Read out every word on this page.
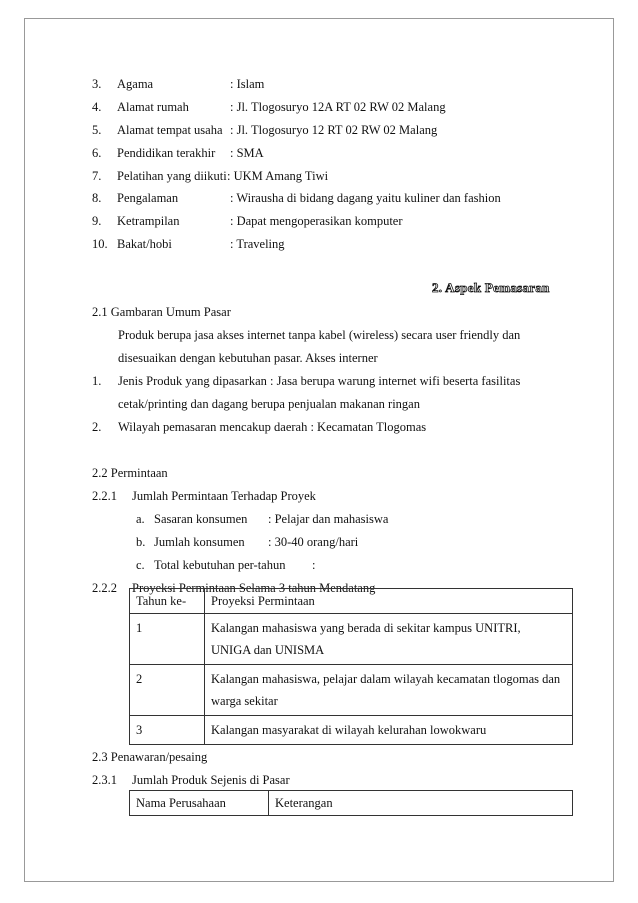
3. Agama	: Islam
4. Alamat rumah	: Jl. Tlogosuryo 12A RT 02 RW 02 Malang
5. Alamat tempat usaha : Jl. Tlogosuryo 12 RT 02 RW 02 Malang
6. Pendidikan terakhir : SMA
7. Pelatihan yang diikuti : UKM Amang Tiwi
8. Pengalaman	: Wirausha di bidang dagang yaitu kuliner dan fashion
9. Ketrampilan	: Dapat mengoperasikan komputer
10. Bakat/hobi	: Traveling
2. Aspek Pemasaran
2.1 Gambaran Umum Pasar
Produk berupa jasa akses internet tanpa kabel (wireless) secara user friendly dan
disesuaikan dengan kebutuhan pasar. Akses interner
1. Jenis Produk yang dipasarkan : Jasa berupa warung internet wifi beserta fasilitas
cetak/printing dan dagang berupa penjualan makanan ringan
2. Wilayah pemasaran mencakup daerah : Kecamatan Tlogomas
2.2 Permintaan
2.2.1 Jumlah Permintaan Terhadap Proyek
a. Sasaran konsumen : Pelajar dan mahasiswa
b. Jumlah konsumen : 30-40 orang/hari
c. Total kebutuhan per-tahun :
2.2.2 Proyeksi Permintaan Selama 3 tahun Mendatang
Tahun ke-	Proyeksi Permintaan
1	Kalangan mahasiswa yang berada di sekitar kampus UNITRI,
UNIGA dan UNISMA

2	Kalangan mahasiswa, pelajar dalam wilayah kecamatan tlogomas dan
warga sekitar

3	Kalangan masyarakat di wilayah kelurahan lowokwaru
2.3 Penawaran/pesaing
2.3.1 Jumlah Produk Sejenis di Pasar
Nama Perusahaan	Keterangan
